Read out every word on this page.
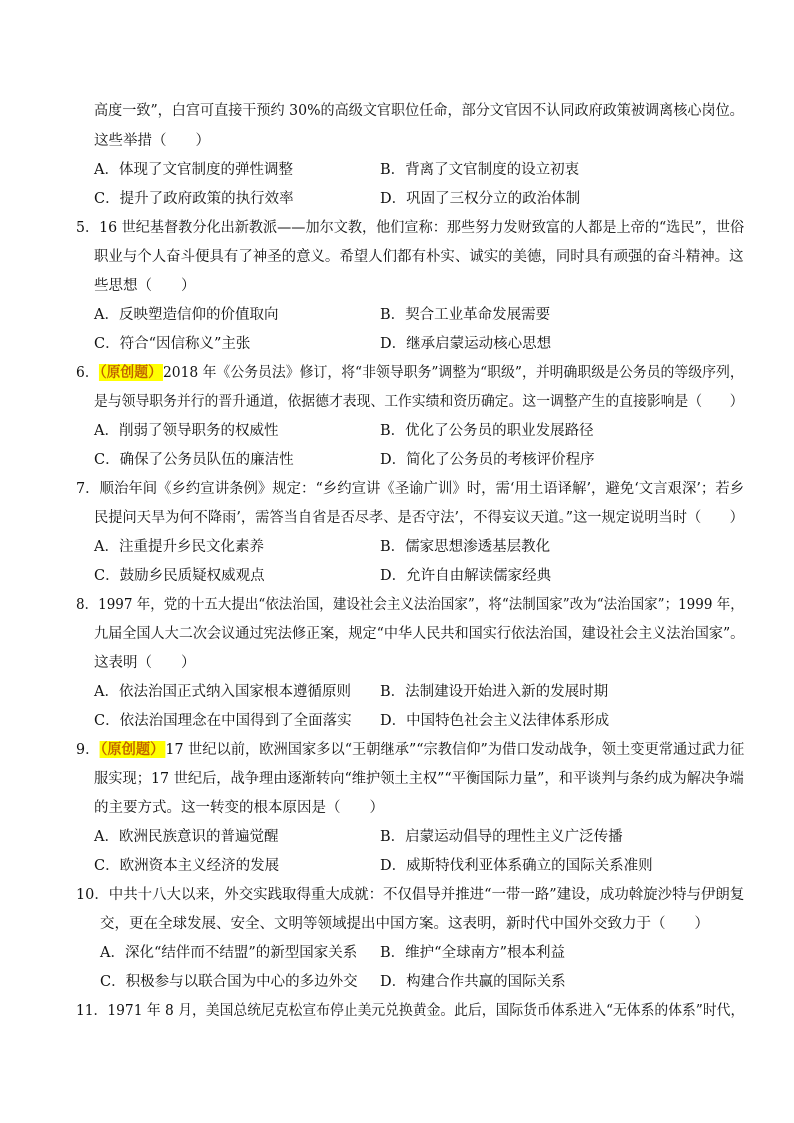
高度一致”，白宫可直接干预约 30%的高级文官职位任命，部分文官因不认同政府政策被调离核心岗位。
这些举措（　　）
A．体现了文官制度的弹性调整	B．背离了文官制度的设立初衷
C．提升了政府政策的执行效率	D．巩固了三权分立的政治体制
5．16 世纪基督教分化出新教派——加尔文教，他们宣称：那些努力发财致富的人都是上帝的“选民”，世俗
职业与个人奋斗便具有了神圣的意义。希望人们都有朴实、诚实的美德，同时具有顽强的奋斗精神。这
些思想（　　）
A．反映塑造信仰的价值取向	B．契合工业革命发展需要
C．符合“因信称义”主张	D．继承启蒙运动核心思想
6．（原创题）2018 年《公务员法》修订，将“非领导职务”调整为“职级”，并明确职级是公务员的等级序列，
是与领导职务并行的晋升通道，依据德才表现、工作实绩和资历确定。这一调整产生的直接影响是（　　）
A．削弱了领导职务的权威性	B．优化了公务员的职业发展路径
C．确保了公务员队伍的廉洁性	D．简化了公务员的考核评价程序
7．顺治年间《乡约宣讲条例》规定：“乡约宣讲《圣谕广训》时，需‘用土语译解’，避免‘文言艰深’；若乡
民提问天旱为何不降雨’，需答当自省是否尽孝、是否守法’，不得妄议天道。”这一规定说明当时（　　）
A．注重提升乡民文化素养	B．儒家思想渗透基层教化
C．鼓励乡民质疑权威观点	D．允许自由解读儒家经典
8．1997 年，党的十五大提出“依法治国，建设社会主义法治国家”，将“法制国家”改为“法治国家”；1999 年，
九届全国人大二次会议通过宪法修正案，规定“中华人民共和国实行依法治国，建设社会主义法治国家”。
这表明（　　）
A．依法治国正式纳入国家根本遵循原则 B．法制建设开始进入新的发展时期
C．依法治国理念在中国得到了全面落实 D．中国特色社会主义法律体系形成
9．（原创题）17 世纪以前，欧洲国家多以“王朝继承”“宗教信仰”为借口发动战争，领土变更常通过武力征
服实现；17 世纪后，战争理由逐渐转向“维护领土主权”“平衡国际力量”，和平谈判与条约成为解决争端
的主要方式。这一转变的根本原因是（　　）
A．欧洲民族意识的普遍觉醒	B．启蒙运动倡导的理性主义广泛传播
C．欧洲资本主义经济的发展	D．威斯特伐利亚体系确立的国际关系准则
10．中共十八大以来，外交实践取得重大成就：不仅倡导并推进“一带一路”建设，成功斡旋沙特与伊朗复
交，更在全球发展、安全、文明等领域提出中国方案。这表明，新时代中国外交致力于（　　）
A．深化“结伴而不结盟”的新型国家关系 B．维护“全球南方”根本利益
C．积极参与以联合国为中心的多边外交 D．构建合作共赢的国际关系
11．1971 年 8 月，美国总统尼克松宣布停止美元兑换黄金。此后，国际货币体系进入“无体系的体系”时代，
